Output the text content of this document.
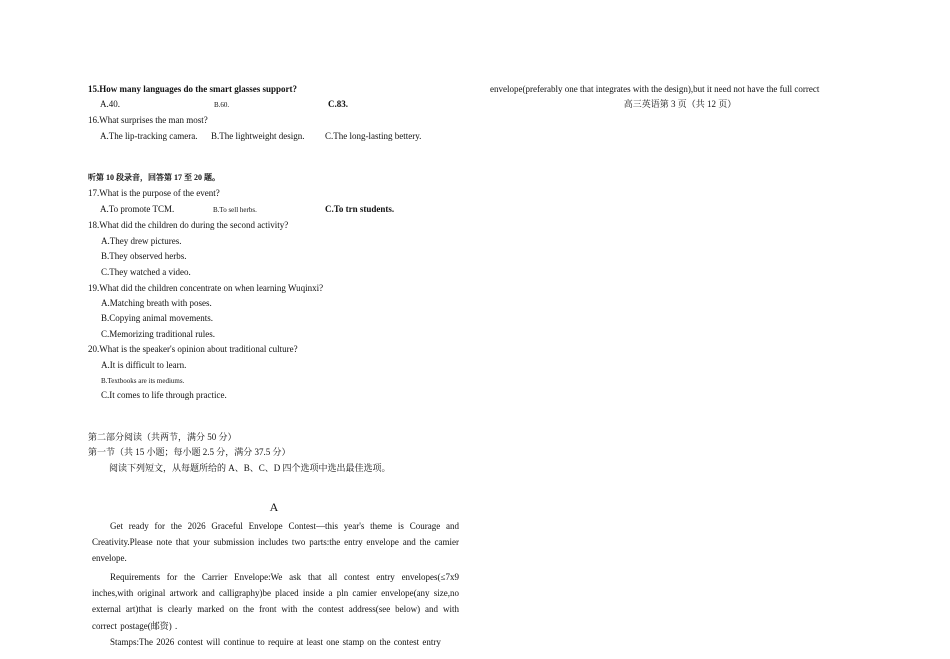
15.How many languages do the smart glasses support?
A.40.	B.60.	C.83.
16.What surprises the man most?
A.The lip-tracking camera. B.The lightweight design. C.The long-lasting bettery.
听第 10 段录音，回答第 17 至 20 题。
17.What is the purpose of the event?
A.To promote TCM.	B.To sell herbs.	C.To trn students.
18.What did the children do during the second activity?
A.They drew pictures.
B.They observed herbs.
C.They watched a video.
19.What did the children concentrate on when learning Wuqinxi?
A.Matching breath with poses.
B.Copying animal movements.
C.Memorizing traditional rules.
20.What is the speaker's opinion about traditional culture?
A.It is difficult to learn.
B.Textbooks are its mediums.
C.It comes to life through practice.
第二部分阅读（共两节，满分 50 分）
第一节（共 15 小题；每小题 2.5 分，满分 37.5 分）
阅读下列短文，从每题所给的 A、B、C、D 四个选项中选出最佳选项。
A
Get ready for the 2026 Graceful Envelope Contest—this year's theme is Courage and Creativity.Please note that your submission includes two parts:the entry envelope and the camier envelope.
Requirements for the Carrier Envelope:We ask that all contest entry envelopes(≤7x9 inches,with original artwork and calligraphy)be placed inside a pln camier envelope(any size,no external art)that is clearly marked on the front with the contest address(see below) and with correct postage(邮资) .
Stamps:The 2026 contest will continue to require at least one stamp on the contest entry
envelope(preferably one that integrates with the design),but it need not have the full correct
高三英语第 3 页（共 12 页）
